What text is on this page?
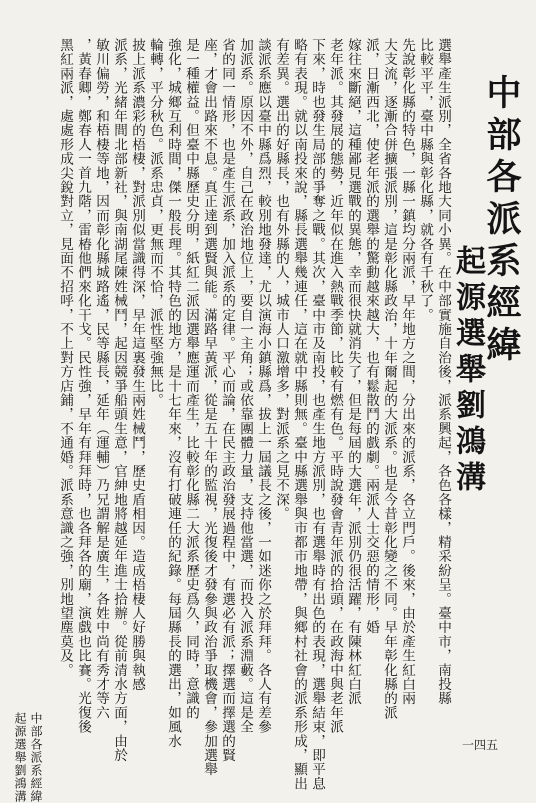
中部各派系經緯
起源選舉劉鴻溝
選舉產生派別，全省各地大同小異。在中部實施自治後，派系興起，各色各樣，精采紛呈。臺中市，南投縣
比較平平，臺中縣與彰化縣，就各有千秋了。
先說彰化縣的特色，一縣一鎮均分兩派，早年地方之間，分出來的派系，各立門戶。後來，由於產生紅白兩
大支流，逐漸合併擴張派別，這是彰化縣政治，十年爾起的大派系。也是今昔彰化變之不同。早年彰化縣的派
派，日漸西北，使老年派的選舉的驚動越來越大，也有鬆散鬥的戲劇。兩派人士交惡的情形，婚
嫁往來斷絕，這種鄙見選戰的異態，幸而很快就消失了，但是每屆的大選年，派別仍很活躍，有陳林紅白派
老年派。其發展的態勢，近年似在進入熱戰季節，比較有燃有色。平時說發會青年派的拾頭，在政海中與老年派
下來，時也發生局部的爭奪之戰。其次，臺中市及南投，也產生地方派別，也有選舉時有出色的表現，選舉結束，即平息
略有表現。就以南投來說，縣長選舉幾連任，這在就中縣則無。臺中縣選舉與市都市地帶，與鄉村社會的派系形成，顯出
有差異。選出的好縣長，也有外縣的人，城市人口激增多，對派系之見不深。
談派系應以臺中縣爲烈，較別地發達，尤以演海小鎮縣爲，拔上一屆議長之後，一如迷你之於拜拜。各人有差參
加派系。原因不外，自己在政治地位上，要自一主角；或依靠團體力量，支持他當選，而投入派系淵藪。這是全
省的同一情形，也是產生派系，加入派系的定律。平心而論，在民主政治發展過程中，有選必有派；擇選而擇選的賢
座，才會出路來不息。真正達到選賢與能。滿路早黃派，從是五十年的監視，光復後才發參與政治爭取機會，參加選舉
是一種權益。但臺中縣歷史分明，紙紅二派因選舉應運而產生，比較彰化縣二大派系歷史爲久，同時，意識的
強化，城鄉互利時間，傑一般長理。其特色的地方，是十七年來，沒有打破連任的紀錄。每屆縣長的選出，如風水
輪轉，平分秋色。派系忠貞，更無而不恰，派性堅強無比。
披上派系濃彩的梧棲，對派別似當識得深，早年這裏發生兩姓械鬥，歷史盾相因。造成梧棲人好勝與執感
派系，光緒年間北部新社，與南湖尾陳姓械鬥，起因競爭船頭生意，官紳地將越延年進士拾辦。從前清水方面，由於
敏川偏勞，和梧棲等地，因而彰化縣城路遙，民等縣長，延年（運輔）乃兄謂解是廣生，各姓中尚有秀才等六
，黃春卿，鄭春人一首九階，雷椿他們來化干戈。民性強，早年有拜拜時，也各拜各的廟，演戲也比賽。光復後
黑紅兩派，處處形成尖銳對立，見面不招呼，不上對方店鋪，不通婚。派系意識之強，別地望塵莫及。
中部各派系經緯
起源選舉劉鴻溝	一四五
